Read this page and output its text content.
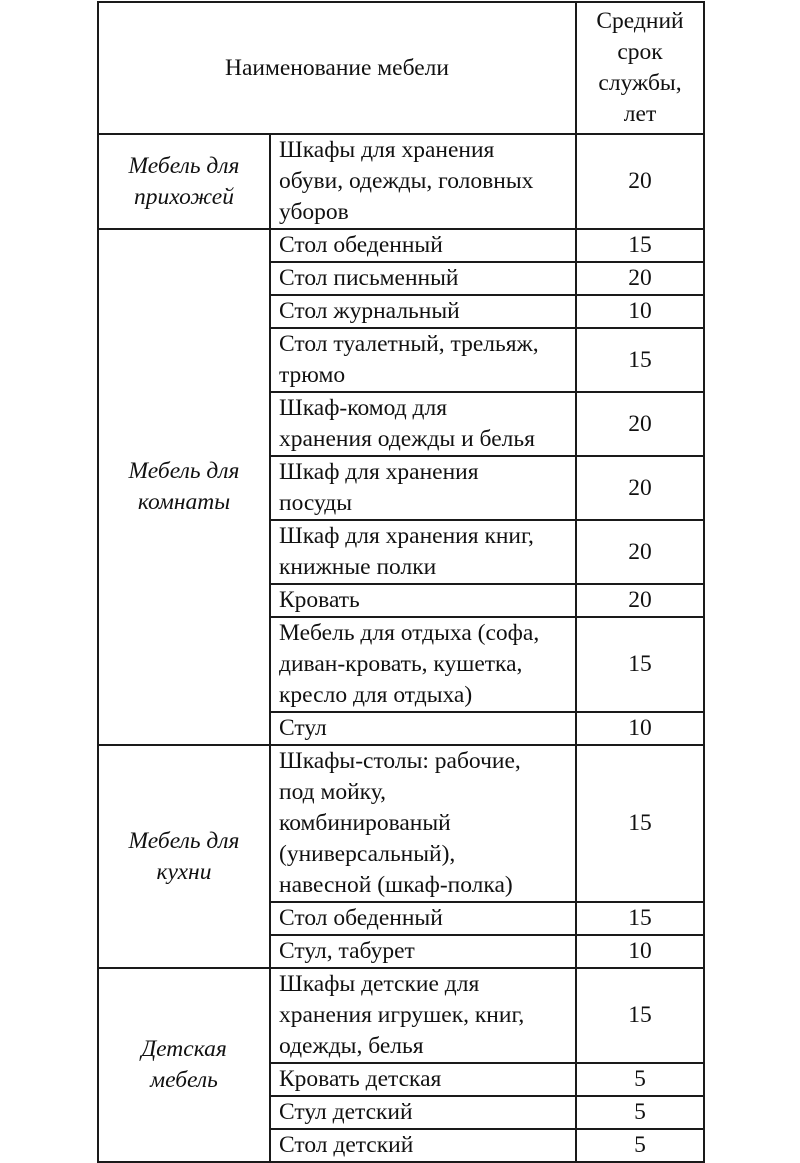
Наименование мебели		Средний
срок
службы,
лет

Мебель для
прихожей	Шкафы для хранения
обуви, одежды, головных
уборов	20

Мебель для
комнаты	Стол обеденный	15

	Стол письменный	20

	Стол журнальный	10

	Стол туалетный, трельяж,
трюмо	15

	Шкаф-комод для
хранения одежды и белья	20

	Шкаф для хранения
посуды	20

	Шкаф для хранения книг,
книжные полки	20

	Кровать	20

	Мебель для отдыха (софа,
диван-кровать, кушетка,
кресло для отдыха)	15

	Стул	10

Мебель для
кухни	Шкафы-столы: рабочие,
под мойку,
комбинированый
(универсальный),
навесной (шкаф-полка)	15

	Стол обеденный	15

	Стул, табурет	10

Детская
мебель	Шкафы детские для
хранения игрушек, книг,
одежды, белья	15

	Кровать детская	5

	Стул детский	5

	Стол детский	5
